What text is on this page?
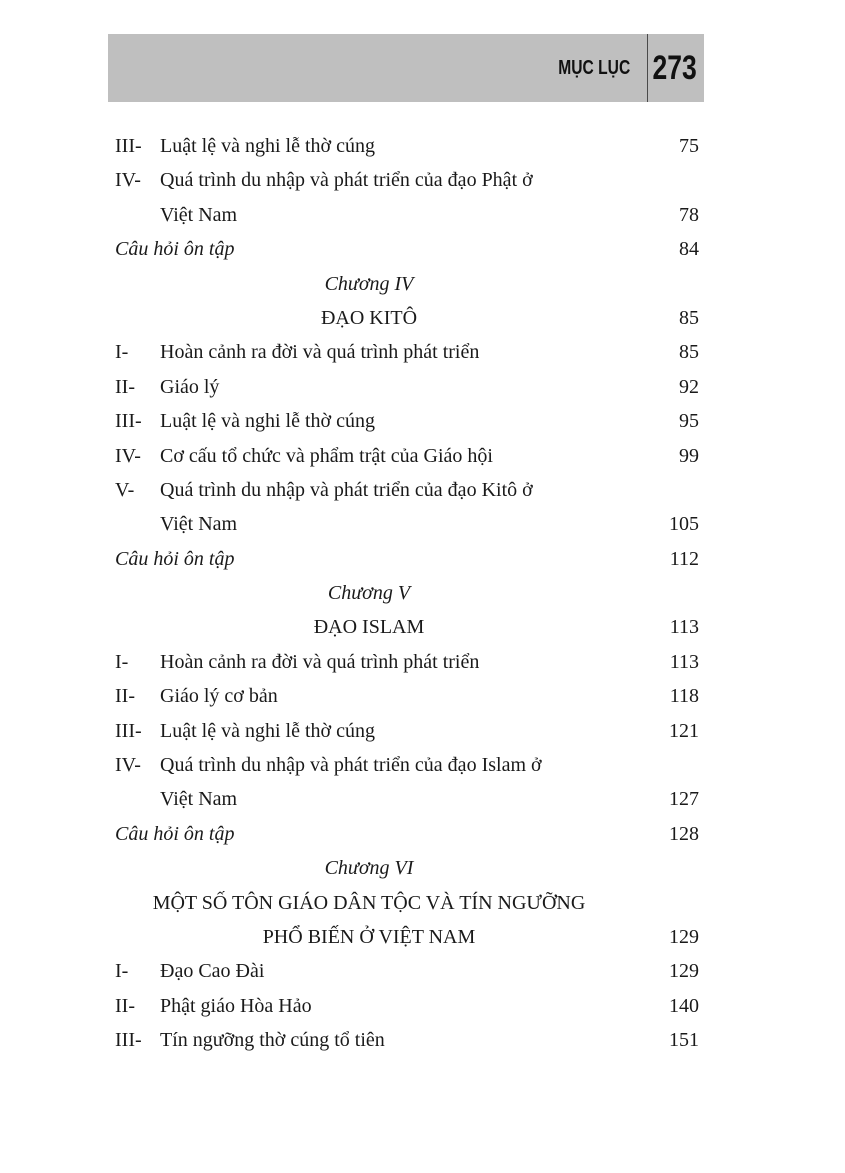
MỤC LỤC 273
III- Luật lệ và nghi lễ thờ cúng	75
IV- Quá trình du nhập và phát triển của đạo Phật ở
Việt Nam	78
Câu hỏi ôn tập	84
Chương IV
ĐẠO KITÔ	85
I- Hoàn cảnh ra đời và quá trình phát triển	85
II- Giáo lý	92
III- Luật lệ và nghi lễ thờ cúng	95
IV- Cơ cấu tổ chức và phẩm trật của Giáo hội	99
V- Quá trình du nhập và phát triển của đạo Kitô ở
Việt Nam	105
Câu hỏi ôn tập	112
Chương V
ĐẠO ISLAM	113
I- Hoàn cảnh ra đời và quá trình phát triển	113
II- Giáo lý cơ bản	118
III- Luật lệ và nghi lễ thờ cúng	121
IV- Quá trình du nhập và phát triển của đạo Islam ở
Việt Nam	127
Câu hỏi ôn tập	128
Chương VI
MỘT SỐ TÔN GIÁO DÂN TỘC VÀ TÍN NGƯỠNG
PHỔ BIẾN Ở VIỆT NAM	129
I- Đạo Cao Đài	129
II- Phật giáo Hòa Hảo	140
III- Tín ngưỡng thờ cúng tổ tiên	151
